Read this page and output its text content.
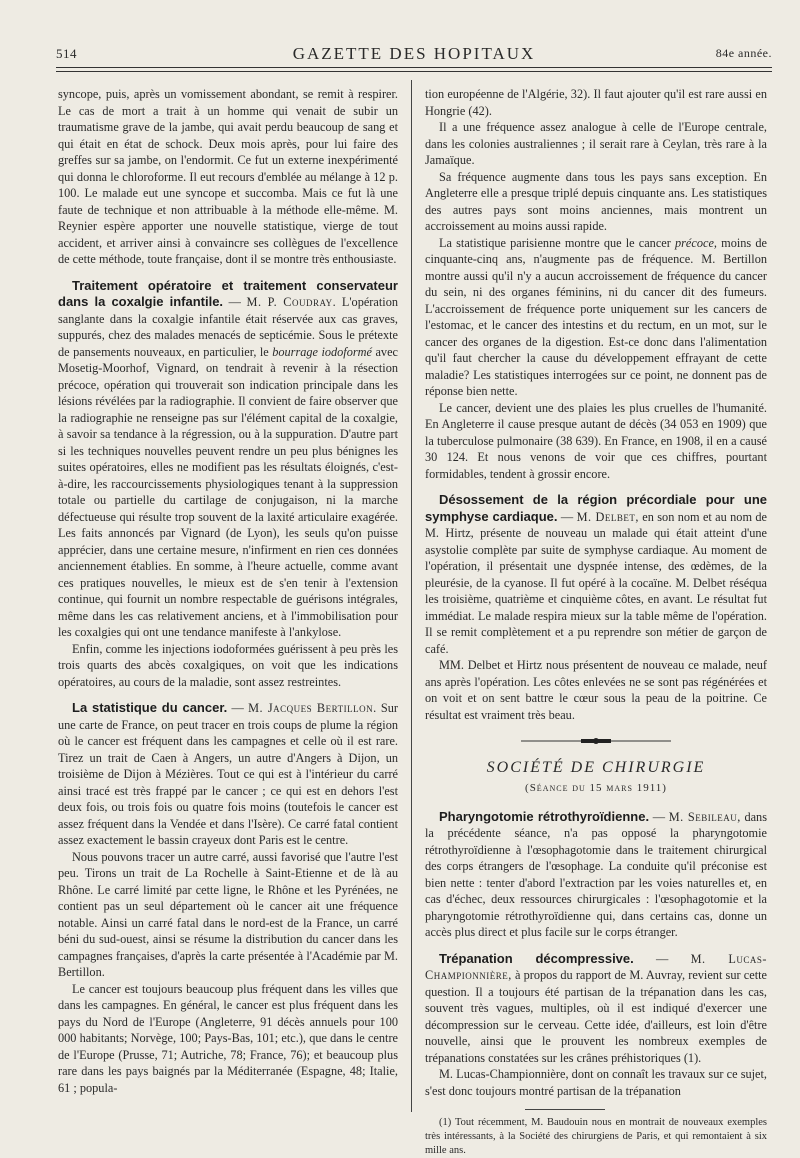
514	GAZETTE DES HOPITAUX	84e année.

syncope, puis, après un vomissement abondant, se remit à respirer. Le cas de mort a trait à un homme qui venait de subir un traumatisme grave de la jambe, qui avait perdu beaucoup de sang et qui était en état de schock. Deux mois après, pour lui faire des greffes sur sa jambe, on l'endormit. Ce fut un externe inexpérimenté qui donna le chloroforme. Il eut recours d'emblée au mélange à 12 p. 100. Le malade eut une syncope et succomba. Mais ce fut là une faute de technique et non attribuable à la méthode elle-même. M. Reynier espère apporter une nouvelle statistique, vierge de tout accident, et arriver ainsi à convaincre ses collègues de l'excellence de cette méthode, toute française, dont il se montre très enthousiaste.

Traitement opératoire et traitement conservateur dans la coxalgie infantile. — M. P. Coudray. L'opération sanglante dans la coxalgie infantile était réservée aux cas graves, suppurés, chez des malades menacés de septicémie. Sous le prétexte de pansements nouveaux, en particulier, le bourrage iodoformé avec Mosetig-Moorhof, Vignard, on tendrait à revenir à la résection précoce, opération qui trouverait son indication principale dans les lésions révélées par la radiographie. Il convient de faire observer que la radiographie ne renseigne pas sur l'élément capital de la coxalgie, à savoir sa tendance à la régression, ou à la suppuration. D'autre part si les techniques nouvelles peuvent rendre un peu plus bénignes les suites opératoires, elles ne modifient pas les résultats éloignés, c'est-à-dire, les raccourcissements physiologiques tenant à la suppression totale ou partielle du cartilage de conjugaison, ni la marche défectueuse qui résulte trop souvent de la laxité articulaire exagérée. Les faits annoncés par Vignard (de Lyon), les seuls qu'on puisse apprécier, dans une certaine mesure, n'infirment en rien ces données anciennement établies. En somme, à l'heure actuelle, comme avant ces pratiques nouvelles, le mieux est de s'en tenir à l'extension continue, qui fournit un nombre respectable de guérisons intégrales, même dans les cas relativement anciens, et à l'immobilisation pour les coxalgies qui ont une tendance manifeste à l'ankylose.

Enfin, comme les injections iodoformées guérissent à peu près les trois quarts des abcès coxalgiques, on voit que les indications opératoires, au cours de la maladie, sont assez restreintes.

La statistique du cancer. — M. Jacques Bertillon. Sur une carte de France, on peut tracer en trois coups de plume la région où le cancer est fréquent dans les campagnes et celle où il est rare. Tirez un trait de Caen à Angers, un autre d'Angers à Dijon, un troisième de Dijon à Mézières. Tout ce qui est à l'intérieur du carré ainsi tracé est très frappé par le cancer ; ce qui est en dehors l'est deux fois, ou trois fois ou quatre fois moins (toutefois le cancer est assez fréquent dans la Vendée et dans l'Isère). Ce carré fatal contient assez exactement le bassin crayeux dont Paris est le centre.

Nous pouvons tracer un autre carré, aussi favorisé que l'autre l'est peu. Tirons un trait de La Rochelle à Saint-Etienne et de là au Rhône. Le carré limité par cette ligne, le Rhône et les Pyrénées, ne contient pas un seul département où le cancer ait une fréquence notable. Ainsi un carré fatal dans le nord-est de la France, un carré béni du sud-ouest, ainsi se résume la distribution du cancer dans les campagnes françaises, d'après la carte présentée à l'Académie par M. Bertillon.

Le cancer est toujours beaucoup plus fréquent dans les villes que dans les campagnes. En général, le cancer est plus fréquent dans les pays du Nord de l'Europe (Angleterre, 91 décès annuels pour 100 000 habitants; Norvège, 100; Pays-Bas, 101; etc.), que dans le centre de l'Europe (Prusse, 71; Autriche, 78; France, 76); et beaucoup plus rare dans les pays baignés par la Méditerranée (Espagne, 48; Italie, 61 ; popula-

tion européenne de l'Algérie, 32). Il faut ajouter qu'il est rare aussi en Hongrie (42).

Il a une fréquence assez analogue à celle de l'Europe centrale, dans les colonies australiennes ; il serait rare à Ceylan, très rare à la Jamaïque.

Sa fréquence augmente dans tous les pays sans exception. En Angleterre elle a presque triplé depuis cinquante ans. Les statistiques des autres pays sont moins anciennes, mais montrent un accroissement au moins aussi rapide.

La statistique parisienne montre que le cancer précoce, moins de cinquante-cinq ans, n'augmente pas de fréquence. M. Bertillon montre aussi qu'il n'y a aucun accroissement de fréquence du cancer du sein, ni des organes féminins, ni du cancer dit des fumeurs. L'accroissement de fréquence porte uniquement sur les cancers de l'estomac, et le cancer des intestins et du rectum, en un mot, sur le cancer des organes de la digestion. Est-ce donc dans l'alimentation qu'il faut chercher la cause du développement effrayant de cette maladie? Les statistiques interrogées sur ce point, ne donnent pas de réponse bien nette.

Le cancer, devient une des plaies les plus cruelles de l'humanité. En Angleterre il cause presque autant de décès (34 053 en 1909) que la tuberculose pulmonaire (38 639). En France, en 1908, il en a causé 30 124. Et nous venons de voir que ces chiffres, pourtant formidables, tendent à grossir encore.

Désossement de la région précordiale pour une symphyse cardiaque. — M. Delbet, en son nom et au nom de M. Hirtz, présente de nouveau un malade qui était atteint d'une asystolie complète par suite de symphyse cardiaque. Au moment de l'opération, il présentait une dyspnée intense, des œdèmes, de la pleurésie, de la cyanose. Il fut opéré à la cocaïne. M. Delbet réséqua les troisième, quatrième et cinquième côtes, en avant. Le résultat fut immédiat. Le malade respira mieux sur la table même de l'opération. Il se remit complètement et a pu reprendre son métier de garçon de café.

MM. Delbet et Hirtz nous présentent de nouveau ce malade, neuf ans après l'opération. Les côtes enlevées ne se sont pas régénérées et on voit et on sent battre le cœur sous la peau de la poitrine. Ce résultat est vraiment très beau.

SOCIÉTÉ DE CHIRURGIE
(Séance du 15 mars 1911)

Pharyngotomie rétrothyroïdienne. — M. Sebileau, dans la précédente séance, n'a pas opposé la pharyngotomie rétrothyroïdienne à l'œsophagotomie dans le traitement chirurgical des corps étrangers de l'œsophage. La conduite qu'il préconise est bien nette : tenter d'abord l'extraction par les voies naturelles et, en cas d'échec, deux ressources chirurgicales : l'œsophagotomie et la pharyngotomie rétrothyroïdienne qui, dans certains cas, donne un accès plus direct et plus facile sur le corps étranger.

Trépanation décompressive. — M. Lucas-Championnière, à propos du rapport de M. Auvray, revient sur cette question. Il a toujours été partisan de la trépanation dans les cas, souvent très vagues, multiples, où il est indiqué d'exercer une décompression sur le cerveau. Cette idée, d'ailleurs, est loin d'être nouvelle, ainsi que le prouvent les nombreux exemples de trépanations constatées sur les crânes préhistoriques (1).

M. Lucas-Championnière, dont on connaît les travaux sur ce sujet, s'est donc toujours montré partisan de la trépanation

(1) Tout récemment, M. Baudouin nous en montrait de nouveaux exemples très intéressants, à la Société des chirurgiens de Paris, et qui remontaient à six mille ans.
